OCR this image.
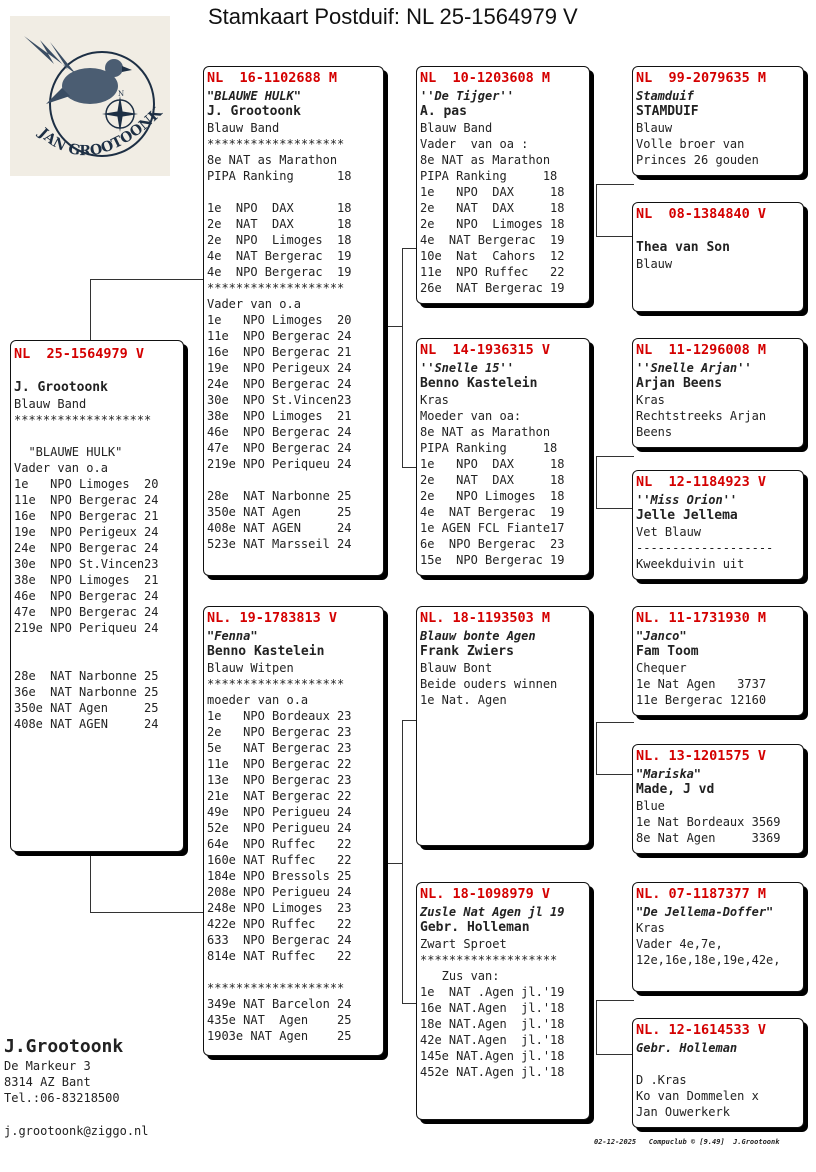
Stamkaart Postduif: NL 25-1564979 V
N
JAN GROOTOONK
NL  25-1564979 V
J. Grootoonk
Blauw Band
*******************
"BLAUWE HULK"
Vader van o.a
1e   NPO Limoges  20
11e  NPO Bergerac 24
16e  NPO Bergerac 21
19e  NPO Perigeux 24
24e  NPO Bergerac 24
30e  NPO St.Vincen23
38e  NPO Limoges  21
46e  NPO Bergerac 24
47e  NPO Bergerac 24
219e NPO Periqueu 24
28e  NAT Narbonne 25
36e  NAT Narbonne 25
350e NAT Agen     25
408e NAT AGEN     24
NL  16-1102688 M
"BLAUWE HULK"
J. Grootoonk
Blauw Band
*******************
8e NAT as Marathon
PIPA Ranking      18
1e  NPO  DAX      18
2e  NAT  DAX      18
2e  NPO  Limoges  18
4e  NAT Bergerac  19
4e  NPO Bergerac  19
*******************
Vader van o.a
1e   NPO Limoges  20
11e  NPO Bergerac 24
16e  NPO Bergerac 21
19e  NPO Perigeux 24
24e  NPO Bergerac 24
30e  NPO St.Vincen23
38e  NPO Limoges  21
46e  NPO Bergerac 24
47e  NPO Bergerac 24
219e NPO Periqueu 24
28e  NAT Narbonne 25
350e NAT Agen     25
408e NAT AGEN     24
523e NAT Marsseil 24
NL. 19-1783813 V
"Fenna"
Benno Kastelein
Blauw Witpen
*******************
moeder van o.a
1e   NPO Bordeaux 23
2e   NPO Bergerac 23
5e   NAT Bergerac 23
11e  NPO Bergerac 22
13e  NPO Bergerac 23
21e  NAT Bergerac 22
49e  NPO Perigueu 24
52e  NPO Perigueu 24
64e  NPO Ruffec   22
160e NAT Ruffec   22
184e NPO Bressols 25
208e NPO Perigueu 24
248e NPO Limoges  23
422e NPO Ruffec   22
633  NPO Bergerac 24
814e NAT Ruffec   22
*******************
349e NAT Barcelon 24
435e NAT  Agen    25
1903e NAT Agen    25
NL  10-1203608 M
''De Tijger''
A. pas
Blauw Band
Vader  van oa :
8e NAT as Marathon
PIPA Ranking     18
1e   NPO  DAX     18
2e   NAT  DAX     18
2e   NPO  Limoges 18
4e  NAT Bergerac  19
10e  Nat  Cahors  12
11e  NPO Ruffec   22
26e  NAT Bergerac 19
NL  14-1936315 V
''Snelle 15''
Benno Kastelein
Kras
Moeder van oa:
8e NAT as Marathon
PIPA Ranking     18
1e   NPO  DAX     18
2e   NAT  DAX     18
2e   NPO Limoges  18
4e  NAT Bergerac  19
1e AGEN FCL Fiante17
6e  NPO Bergerac  23
15e  NPO Bergerac 19
NL. 18-1193503 M
Blauw bonte Agen
Frank Zwiers
Blauw Bont
Beide ouders winnen
1e Nat. Agen
NL. 18-1098979 V
Zusle Nat Agen jl 19
Gebr. Holleman
Zwart Sproet
*******************
Zus van:
1e  NAT .Agen jl.'19
16e NAT.Agen  jl.'18
18e NAT.Agen  jl.'18
42e NAT.Agen  jl.'18
145e NAT.Agen jl.'18
452e NAT.Agen jl.'18
NL  99-2079635 M
Stamduif
STAMDUIF
Blauw
Volle broer van
Princes 26 gouden
NL  08-1384840 V
Thea van Son
Blauw
NL  11-1296008 M
''Snelle Arjan''
Arjan Beens
Kras
Rechtstreeks Arjan
Beens
NL  12-1184923 V
''Miss Orion''
Jelle Jellema
Vet Blauw
-------------------
Kweekduivin uit
NL. 11-1731930 M
"Janco"
Fam Toom
Chequer
1e Nat Agen   3737
11e Bergerac 12160
NL. 13-1201575 V
"Mariska"
Made, J vd
Blue
1e Nat Bordeaux 3569
8e Nat Agen     3369
NL. 07-1187377 M
"De Jellema-Doffer"
Kras
Vader 4e,7e,
12e,16e,18e,19e,42e,
NL. 12-1614533 V
Gebr. Holleman
D .Kras
Ko van Dommelen x
Jan Ouwerkerk
J.Grootoonk
De Markeur 3
8314 AZ Bant
Tel.:06-83218500
j.grootoonk@ziggo.nl
02-12-2025   Compuclub © [9.49]  J.Grootoonk
